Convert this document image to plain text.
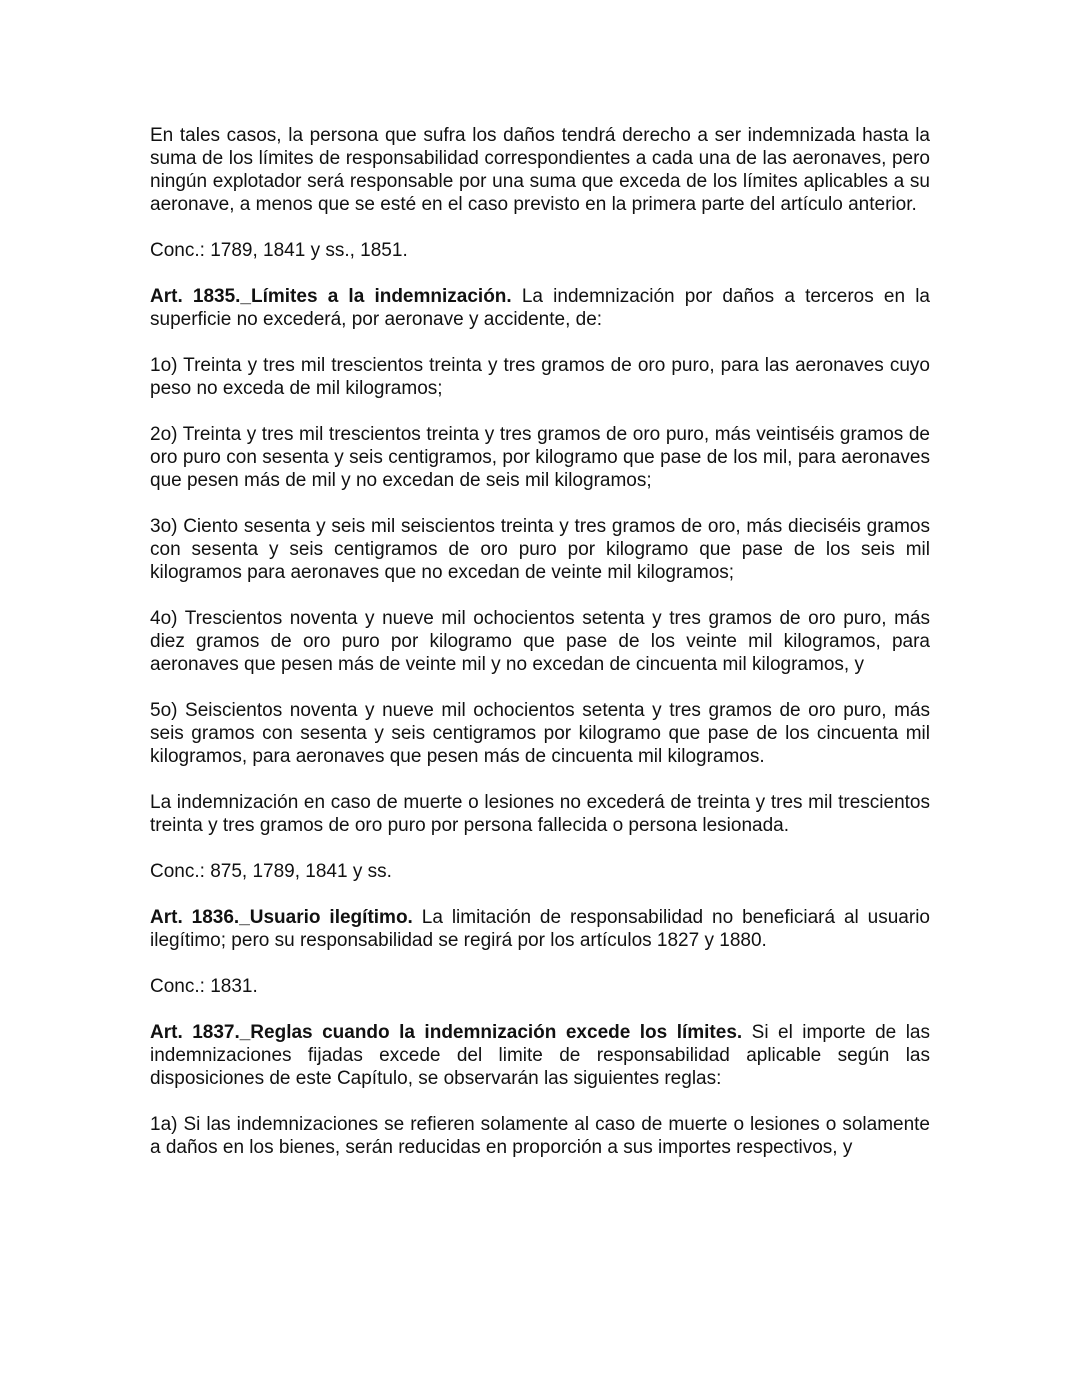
En tales casos, la persona que sufra los daños tendrá derecho a ser indemnizada hasta la suma de los límites de responsabilidad correspondientes a cada una de las aeronaves, pero ningún explotador será responsable por una suma que exceda de los límites aplicables a su aeronave, a menos que se esté en el caso previsto en la primera parte del artículo anterior.

Conc.: 1789, 1841 y ss., 1851.

Art. 1835._Límites a la indemnización. La indemnización por daños a terceros en la superficie no excederá, por aeronave y accidente, de:

1o) Treinta y tres mil trescientos treinta y tres gramos de oro puro, para las aeronaves cuyo peso no exceda de mil kilogramos;

2o) Treinta y tres mil trescientos treinta y tres gramos de oro puro, más veintiséis gramos de oro puro con sesenta y seis centigramos, por kilogramo que pase de los mil, para aeronaves que pesen más de mil y no excedan de seis mil kilogramos;

3o) Ciento sesenta y seis mil seiscientos treinta y tres gramos de oro, más dieciséis gramos con sesenta y seis centigramos de oro puro por kilogramo que pase de los seis mil kilogramos para aeronaves que no excedan de veinte mil kilogramos;

4o) Trescientos noventa y nueve mil ochocientos setenta y tres gramos de oro puro, más diez gramos de oro puro por kilogramo que pase de los veinte mil kilogramos, para aeronaves que pesen más de veinte mil y no excedan de cincuenta mil kilogramos, y

5o) Seiscientos noventa y nueve mil ochocientos setenta y tres gramos de oro puro, más seis gramos con sesenta y seis centigramos por kilogramo que pase de los cincuenta mil kilogramos, para aeronaves que pesen más de cincuenta mil kilogramos.

La indemnización en caso de muerte o lesiones no excederá de treinta y tres mil trescientos treinta y tres gramos de oro puro por persona fallecida o persona lesionada.

Conc.: 875, 1789, 1841 y ss.

Art. 1836._Usuario ilegítimo. La limitación de responsabilidad no beneficiará al usuario ilegítimo; pero su responsabilidad se regirá por los artículos 1827 y 1880.

Conc.: 1831.

Art. 1837._Reglas cuando la indemnización excede los límites. Si el importe de las indemnizaciones fijadas excede del limite de responsabilidad aplicable según las disposiciones de este Capítulo, se observarán las siguientes reglas:

1a) Si las indemnizaciones se refieren solamente al caso de muerte o lesiones o solamente a daños en los bienes, serán reducidas en proporción a sus importes respectivos, y
